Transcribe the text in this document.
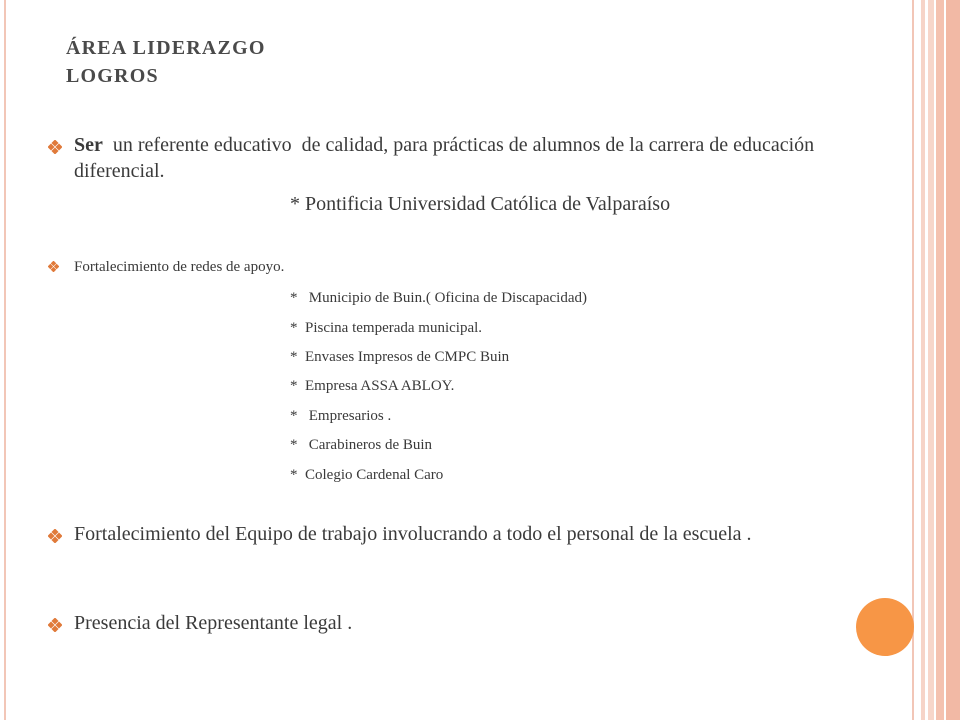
ÁREA LIDERAZGO
LOGROS
Ser  un referente educativo  de calidad, para prácticas de alumnos de la carrera de educación diferencial.
* Pontificia Universidad Católica de Valparaíso
Fortalecimiento de redes de apoyo.
*   Municipio de Buin.( Oficina de Discapacidad)
*  Piscina temperada municipal.
*  Envases Impresos de CMPC Buin
*  Empresa ASSA ABLOY.
*   Empresarios .
*   Carabineros de Buin
*  Colegio Cardenal Caro
Fortalecimiento del Equipo de trabajo involucrando a todo el personal de la escuela .
Presencia del Representante legal .
